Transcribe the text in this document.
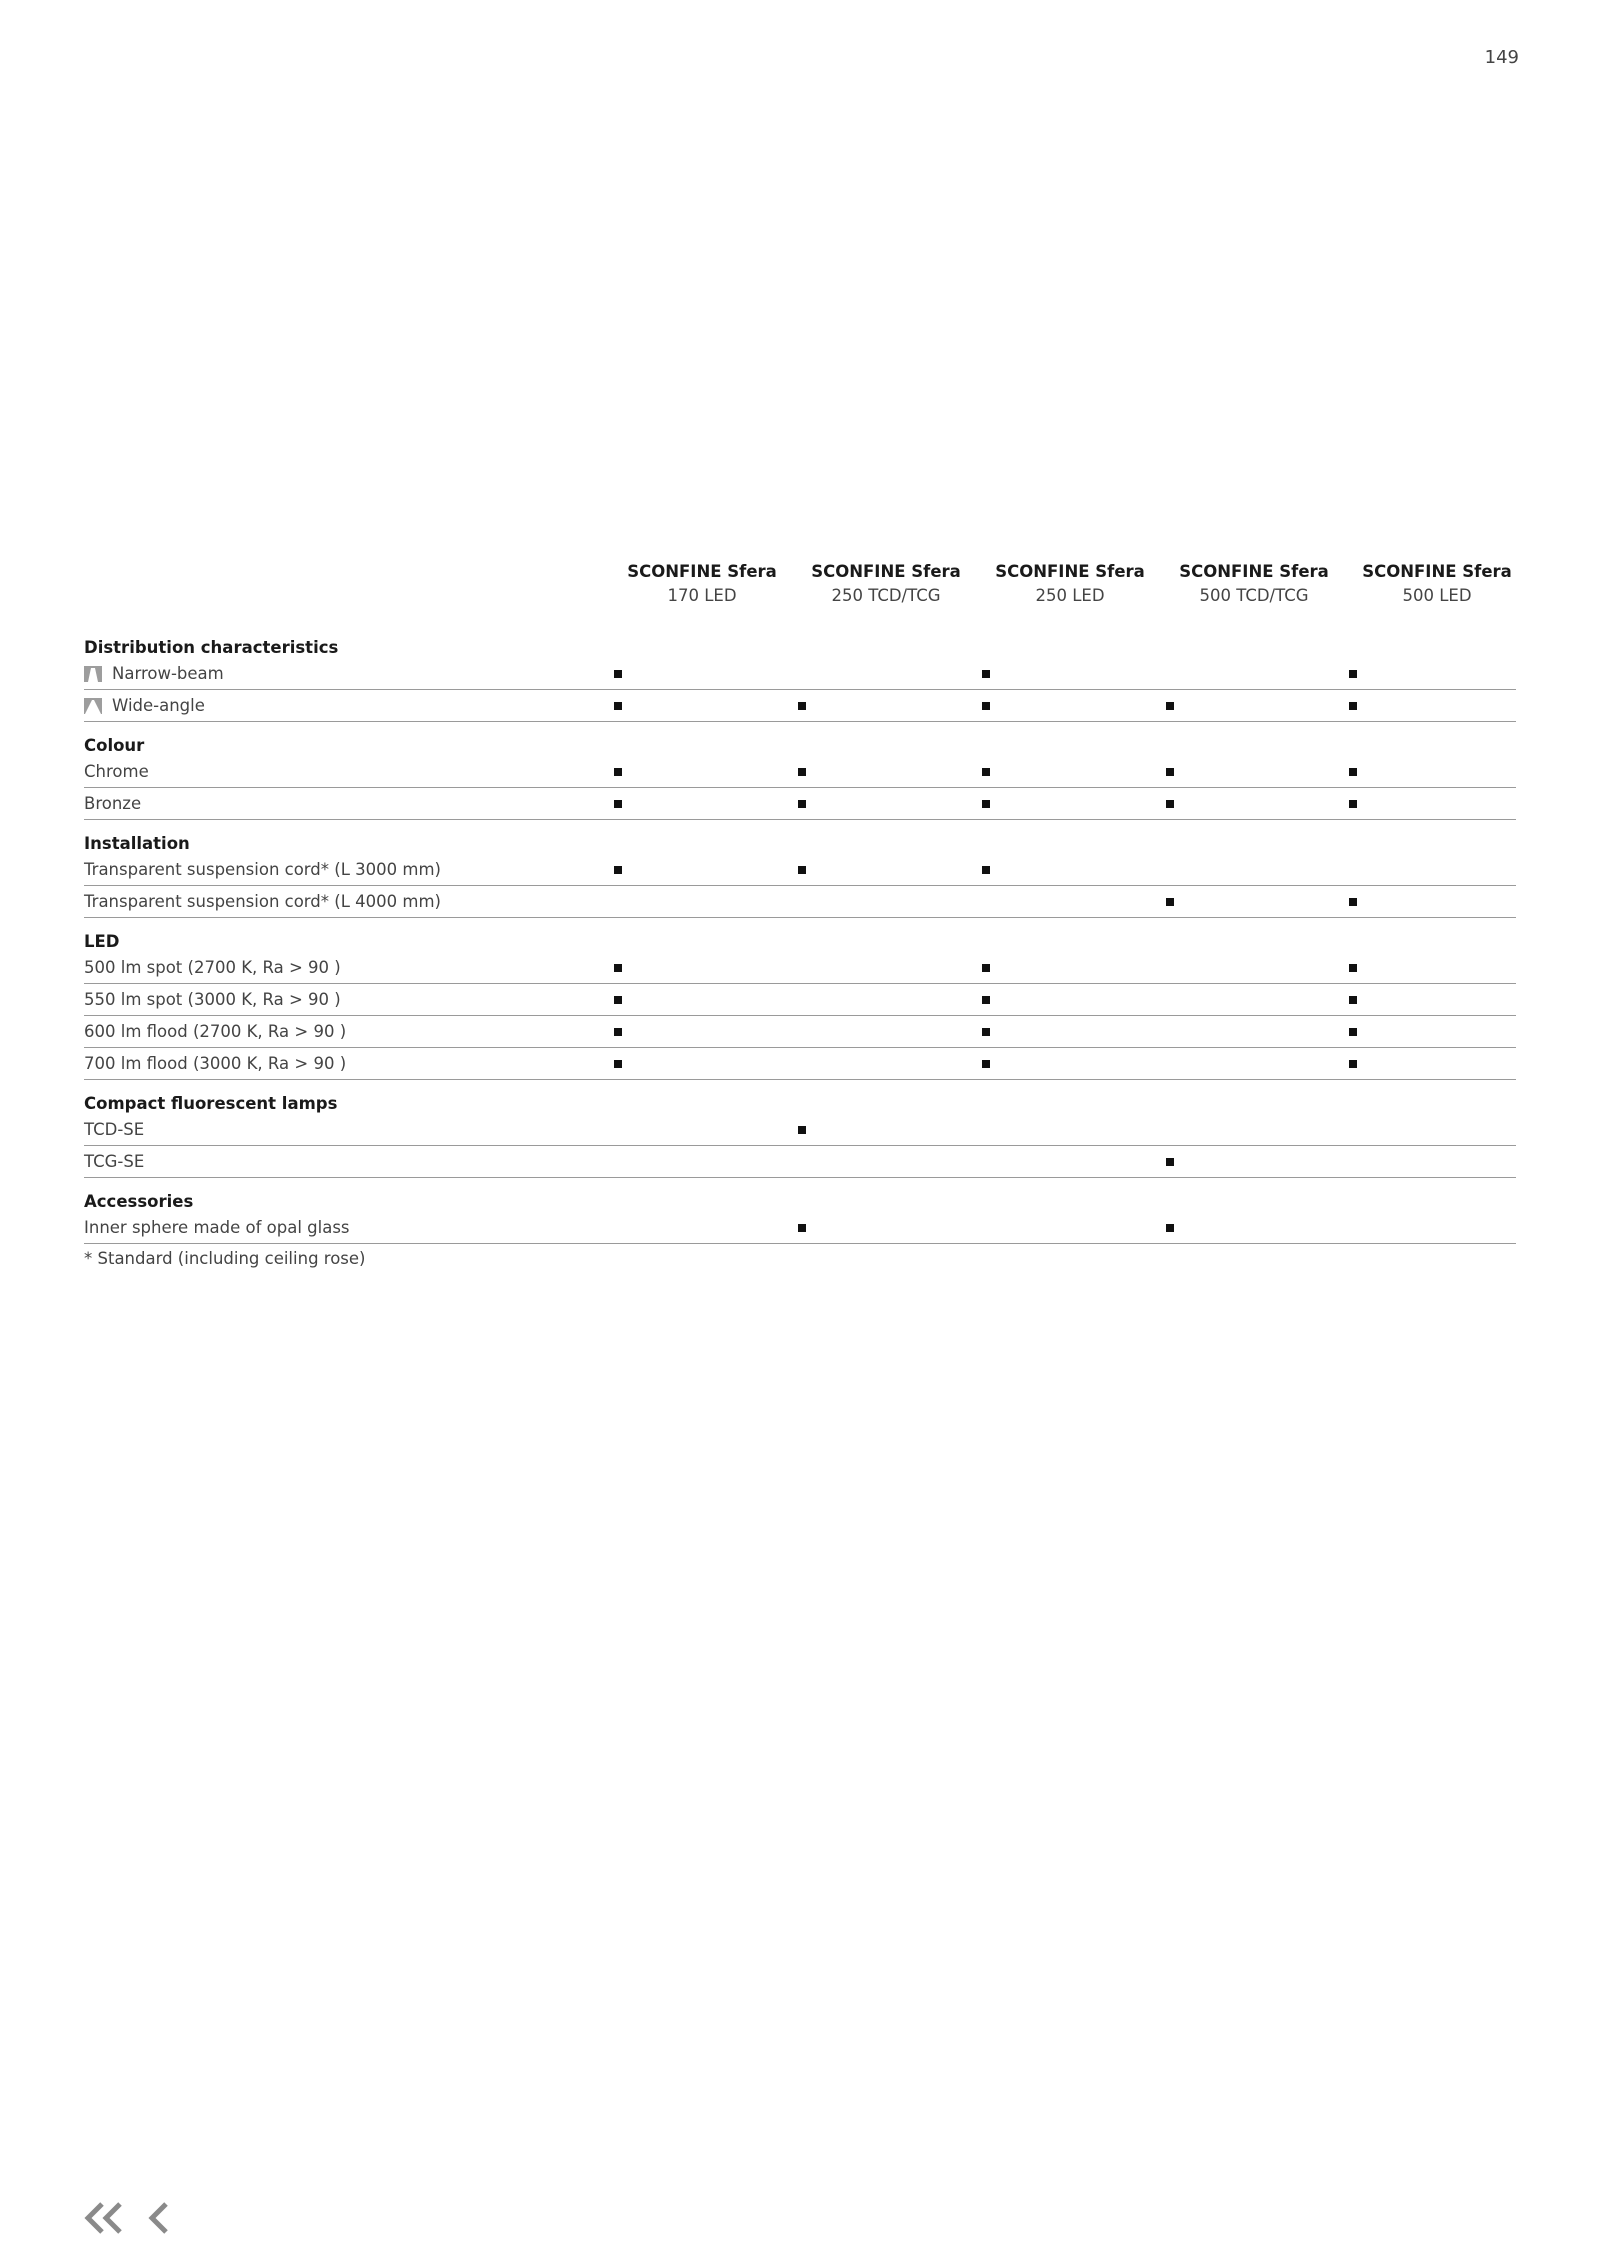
149
SCONFINE Sfera
170 LED
SCONFINE Sfera
250 TCD/TCG
SCONFINE Sfera
250 LED
SCONFINE Sfera
500 TCD/TCG
SCONFINE Sfera
500 LED
Distribution characteristics
Narrow-beam
Wide-angle
Colour
Chrome
Bronze
Installation
Transparent suspension cord* (L 3000 mm)
Transparent suspension cord* (L 4000 mm)
LED
500 lm spot (2700 K, Ra > 90 )
550 lm spot (3000 K, Ra > 90 )
600 lm flood (2700 K, Ra > 90 )
700 lm flood (3000 K, Ra > 90 )
Compact fluorescent lamps
TCD-SE
TCG-SE
Accessories
Inner sphere made of opal glass
* Standard (including ceiling rose)
